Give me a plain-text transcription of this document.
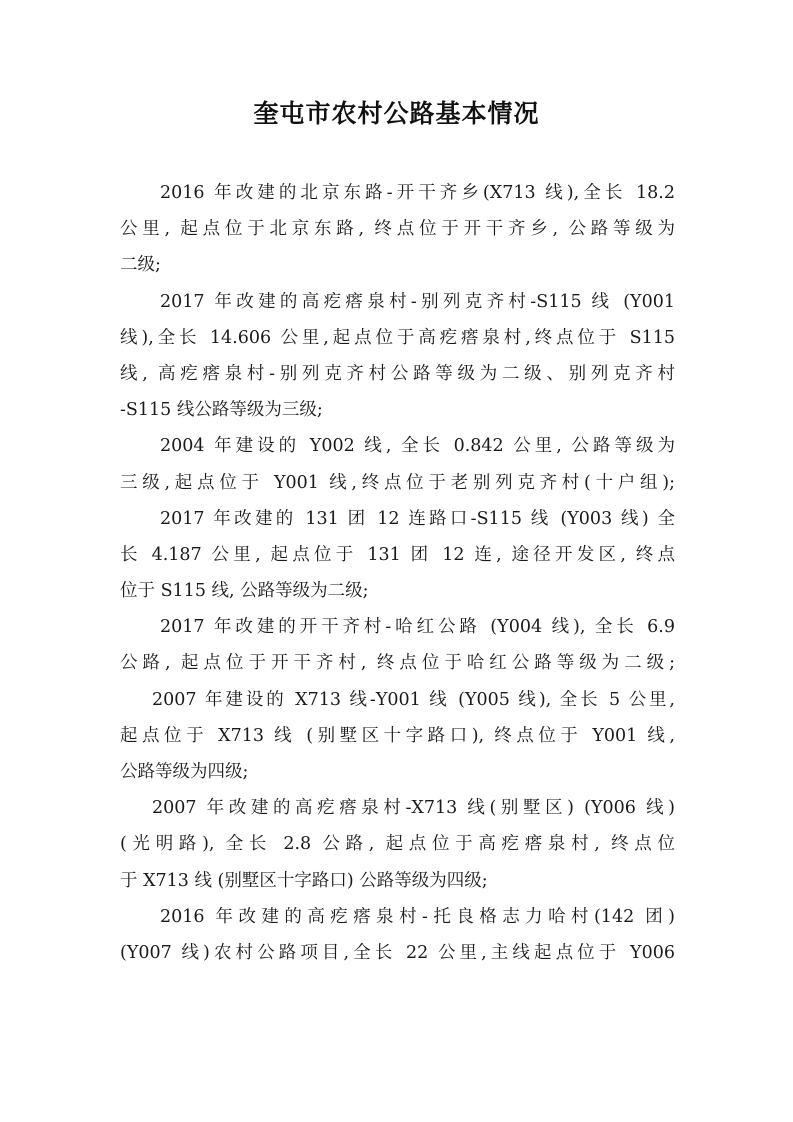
奎屯市农村公路基本情况
2016 年改建的北京东路-开干齐乡(X713 线),全长 18.2
公里, 起点位于北京东路, 终点位于开干齐乡, 公路等级为
二级;
2017 年改建的高疙瘩泉村-别列克齐村-S115 线 (Y001
线),全长 14.606 公里,起点位于高疙瘩泉村,终点位于 S115
线, 高疙瘩泉村-别列克齐村公路等级为二级、别列克齐村
-S115 线公路等级为三级;
2004 年建设的 Y002 线, 全长 0.842 公里, 公路等级为
三级,起点位于 Y001 线,终点位于老别列克齐村(十户组);
2017 年改建的 131 团 12 连路口-S115 线 (Y003 线) 全
长 4.187 公里, 起点位于 131 团 12 连, 途径开发区, 终点
位于 S115 线, 公路等级为二级;
2017 年改建的开干齐村-哈红公路 (Y004 线), 全长 6.9
公路, 起点位于开干齐村, 终点位于哈红公路等级为二级;
2007 年建设的 X713 线-Y001 线 (Y005 线), 全长 5 公里,
起点位于 X713 线 (别墅区十字路口), 终点位于 Y001 线,
公路等级为四级;
2007 年改建的高疙瘩泉村-X713 线(别墅区) (Y006 线)
(光明路), 全长 2.8 公路, 起点位于高疙瘩泉村, 终点位
于 X713 线 (别墅区十字路口) 公路等级为四级;
2016 年改建的高疙瘩泉村-托良格志力哈村(142 团)
(Y007 线)农村公路项目,全长 22 公里,主线起点位于 Y006
